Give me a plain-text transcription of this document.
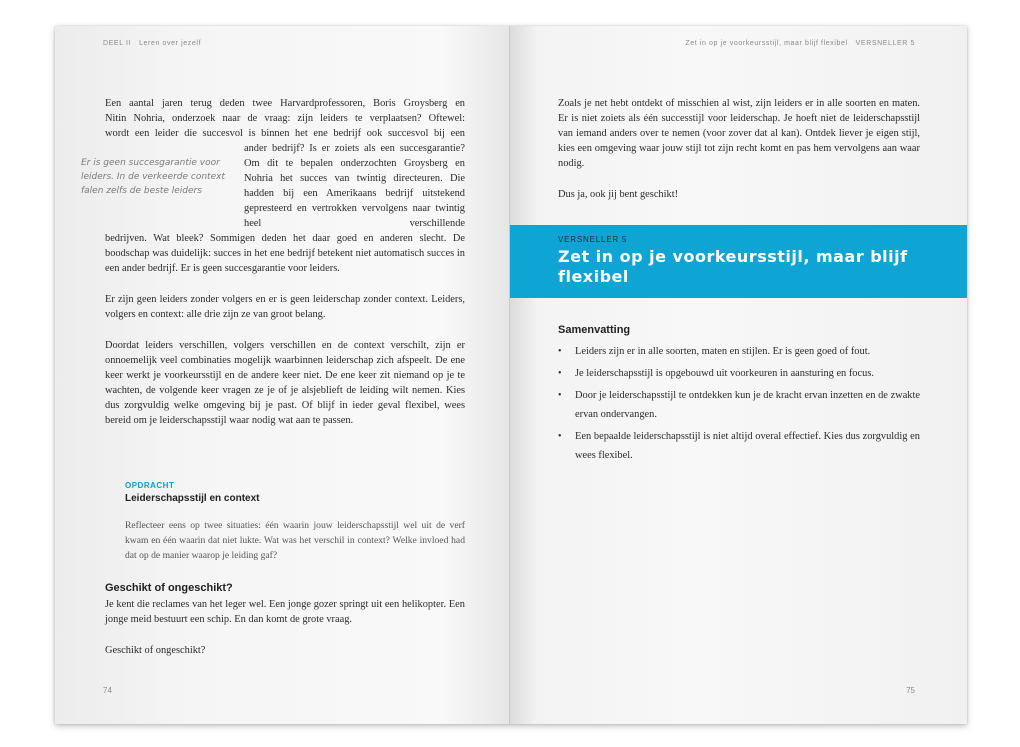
DEEL II Leren over jezelf
Een aantal jaren terug deden twee Harvardprofessoren, Boris Groysberg en
Nitin Nohria, onderzoek naar de vraag: zijn leiders te verplaatsen? Oftewel:
wordt een leider die succesvol is binnen het ene bedrijf ook succesvol bij een
Er is geen succesgarantie voor leiders. In de verkeerde context falen zelfs de beste leiders

ander bedrijf? Is er zoiets als een succesgarantie? Om dit te bepalen onderzochten Groysberg en Nohria het succes van twintig directeuren. Die hadden bij een Amerikaans bedrijf uitstekend gepresteerd en vertrokken vervolgens naar twintig heel verschillende

bedrijven. Wat bleek? Sommigen deden het daar goed en anderen slecht. De boodschap was duidelijk: succes in het ene bedrijf betekent niet automatisch succes in een ander bedrijf. Er is geen succesgarantie voor leiders.

Er zijn geen leiders zonder volgers en er is geen leiderschap zonder context. Leiders, volgers en context: alle drie zijn ze van groot belang.

Doordat leiders verschillen, volgers verschillen en de context verschilt, zijn er onnoemelijk veel combinaties mogelijk waarbinnen leiderschap zich afspeelt. De ene keer werkt je voorkeursstijl en de andere keer niet. De ene keer zit niemand op je te wachten, de volgende keer vragen ze je of je alsjeblieft de leiding wilt nemen. Kies dus zorgvuldig welke omgeving bij je past. Of blijf in ieder geval flexibel, wees bereid om je leiderschapsstijl waar nodig wat aan te passen.

OPDRACHT
Leiderschapsstijl en context

Reflecteer eens op twee situaties: één waarin jouw leiderschapsstijl wel uit de verf kwam en één waarin dat niet lukte. Wat was het verschil in context? Welke invloed had dat op de manier waarop je leiding gaf?

Geschikt of ongeschikt?

Je kent die reclames van het leger wel. Een jonge gozer springt uit een helikopter. Een jonge meid bestuurt een schip. En dan komt de grote vraag.

Geschikt of ongeschikt?

74
Zet in op je voorkeursstijl, maar blijf flexibel VERSNELLER 5

Zoals je net hebt ontdekt of misschien al wist, zijn leiders er in alle soorten en maten. Er is niet zoiets als één successtijl voor leiderschap. Je hoeft niet de leiderschapsstijl van iemand anders over te nemen (voor zover dat al kan). Ontdek liever je eigen stijl, kies een omgeving waar jouw stijl tot zijn recht komt en pas hem vervolgens aan waar nodig.

Dus ja, ook jij bent geschikt!

VERSNELLER 5
Zet in op je voorkeursstijl, maar blijf flexibel
Samenvatting
• Leiders zijn er in alle soorten, maten en stijlen. Er is geen goed of fout.
• Je leiderschapsstijl is opgebouwd uit voorkeuren in aansturing en focus.
• Door je leiderschapsstijl te ontdekken kun je de kracht ervan inzetten en de zwakte ervan ondervangen.
• Een bepaalde leiderschapsstijl is niet altijd overal effectief. Kies dus zorgvuldig en wees flexibel.
75
